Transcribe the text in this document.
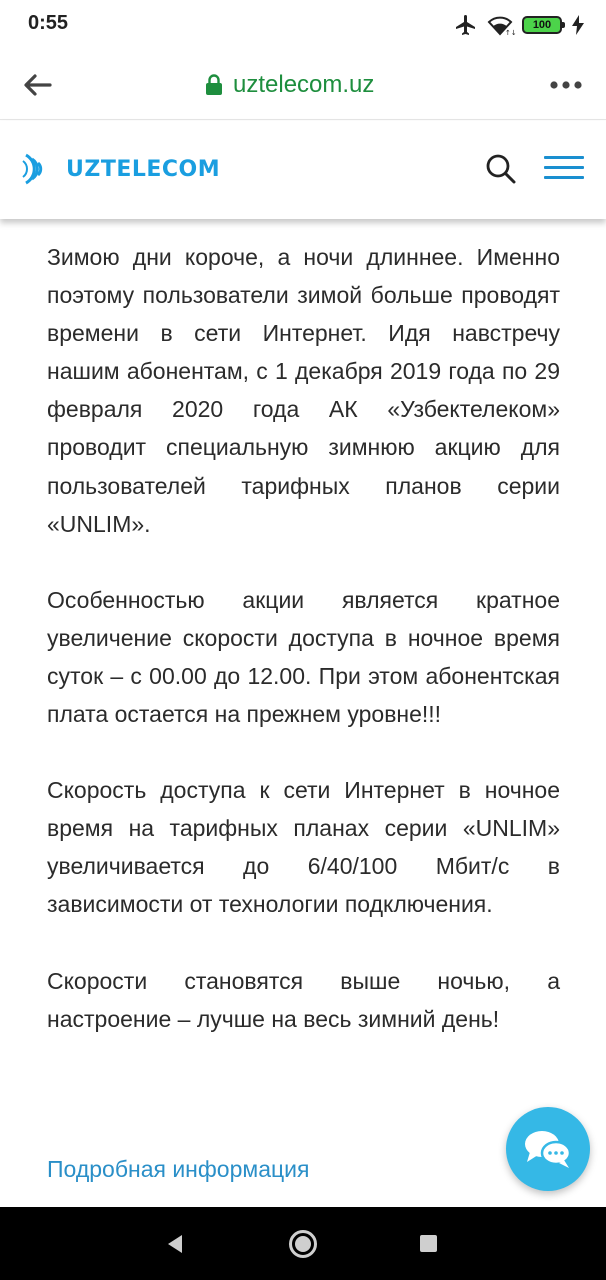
0:55	↑↓
100
uztelecom.uz
UZTELECOM

Зимою дни короче, а ночи длиннее. Именно поэтому пользователи зимой больше проводят времени в сети Интернет. Идя навстречу нашим абонентам, с 1 декабря 2019 года по 29 февраля 2020 года АК «Узбектелеком» проводит специальную зимнюю акцию для пользователей тарифных планов серии «UNLIM».

Особенностью акции является кратное увеличение скорости доступа в ночное время суток – с 00.00 до 12.00. При этом абонентская плата остается на прежнем уровне!!!

Скорость доступа к сети Интернет в ночное время на тарифных планах серии «UNLIM» увеличивается до 6/40/100 Мбит/с в зависимости от технологии подключения.

Скорости становятся выше ночью, а настроение – лучше на весь зимний день!

Подробная информация
